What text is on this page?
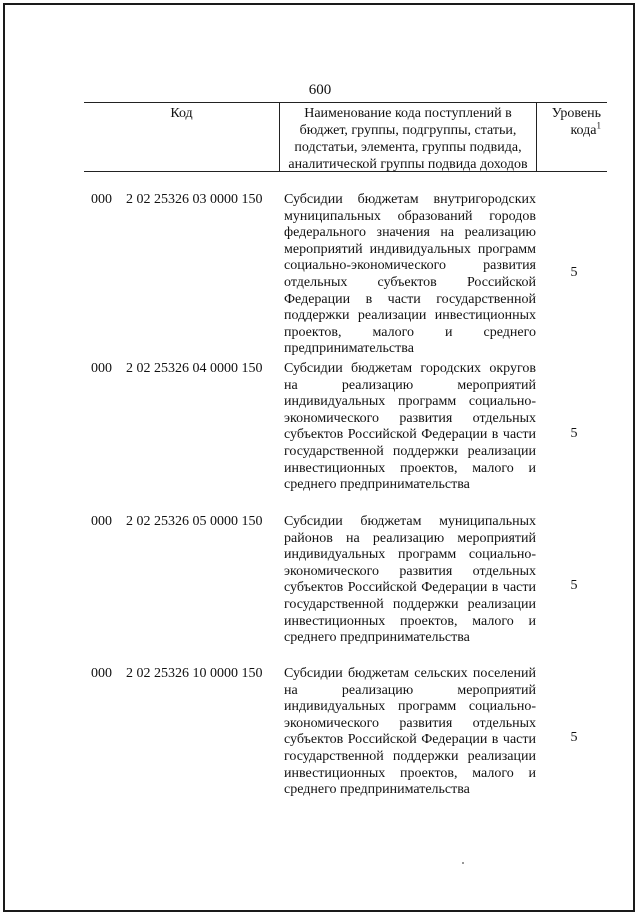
600
Код	Наименование кода поступлений в бюджет, группы, подгруппы, статьи, подстатьи, элемента, группы подвида, аналитической группы подвида доходов
Уровень кода$^1$
000 2 02 25326 03 0000 150 Субсидии бюджетам внутригородских муниципальных образований городов федерального значения на реализацию мероприятий индивидуальных программ социально-экономического развития отдельных субъектов Российской Федерации в части государственной поддержки реализации инвестиционных проектов, малого и среднего предпринимательства
5
000 2 02 25326 04 0000 150 Субсидии бюджетам городских округов на реализацию мероприятий индивидуальных программ социально-экономического развития отдельных субъектов Российской Федерации в части государственной поддержки реализации инвестиционных проектов, малого и среднего предпринимательства
5
000 2 02 25326 05 0000 150 Субсидии бюджетам муниципальных районов на реализацию мероприятий индивидуальных программ социально-экономического развития отдельных субъектов Российской Федерации в части государственной поддержки реализации инвестиционных проектов, малого и среднего предпринимательства
5
000 2 02 25326 10 0000 150 Субсидии бюджетам сельских поселений на реализацию мероприятий индивидуальных программ социально-экономического развития отдельных субъектов Российской Федерации в части государственной поддержки реализации инвестиционных проектов, малого и среднего предпринимательства
5
